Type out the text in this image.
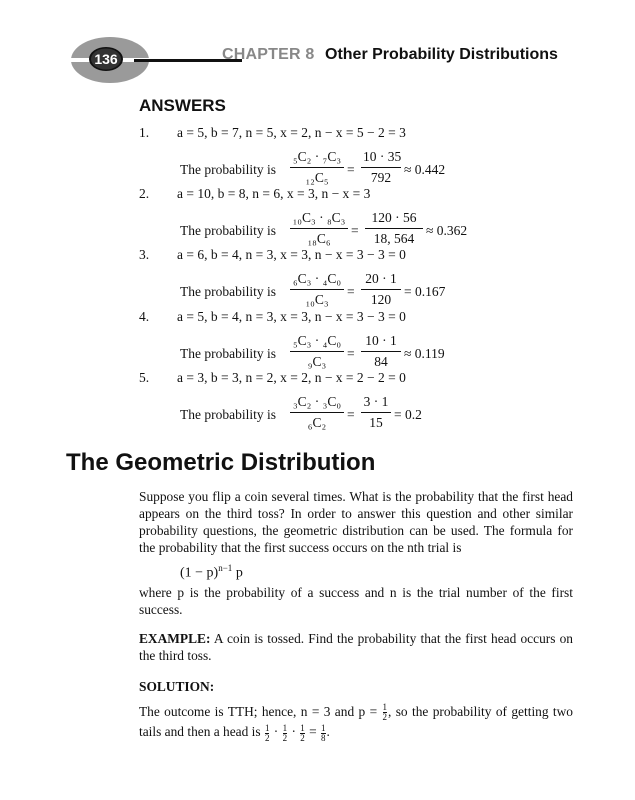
136	CHAPTER 8 Other Probability Distributions
ANSWERS
1. a = 5, b = 7, n = 5, x = 2, n − x = 5 − 2 = 3
The probability is
₅C₂ · ₇C₃
₁₂C₅
=
10 · 35
792
≈ 0.442
2. a = 10, b = 8, n = 6, x = 3, n − x = 3
The probability is
₁₀C₃ · ₈C₃
₁₈C₆
=
120 · 56
18, 564
≈ 0.362
3. a = 6, b = 4, n = 3, x = 3, n − x = 3 − 3 = 0
The probability is
₆C₃ · ₄C₀
₁₀C₃
=
20 · 1
120
= 0.167
4. a = 5, b = 4, n = 3, x = 3, n − x = 3 − 3 = 0
The probability is
₅C₃ · ₄C₀
₉C₃
=
10 · 1
84
≈ 0.119
5. a = 3, b = 3, n = 2, x = 2, n − x = 2 − 2 = 0
The probability is
₃C₂ · ₃C₀
₆C₂
=
3 · 1
15
= 0.2
The Geometric Distribution
Suppose you flip a coin several times. What is the probability that the first head appears on the third toss? In order to answer this question and other similar probability questions, the geometric distribution can be used. The formula for the probability that the first success occurs on the nth trial is
$(1 - p)^{n-1}$ p
where p is the probability of a success and n is the trial number of the first success.
EXAMPLE: A coin is tossed. Find the probability that the first head occurs on the third toss.
SOLUTION:
The outcome is TTH; hence, n = 3 and $p = \frac{1}{2}$ , so the probability of getting two tails and then a head is $\frac{1}{2} \cdot \frac{1}{2} \cdot \frac{1}{2} = \frac{1}{8}$ .
